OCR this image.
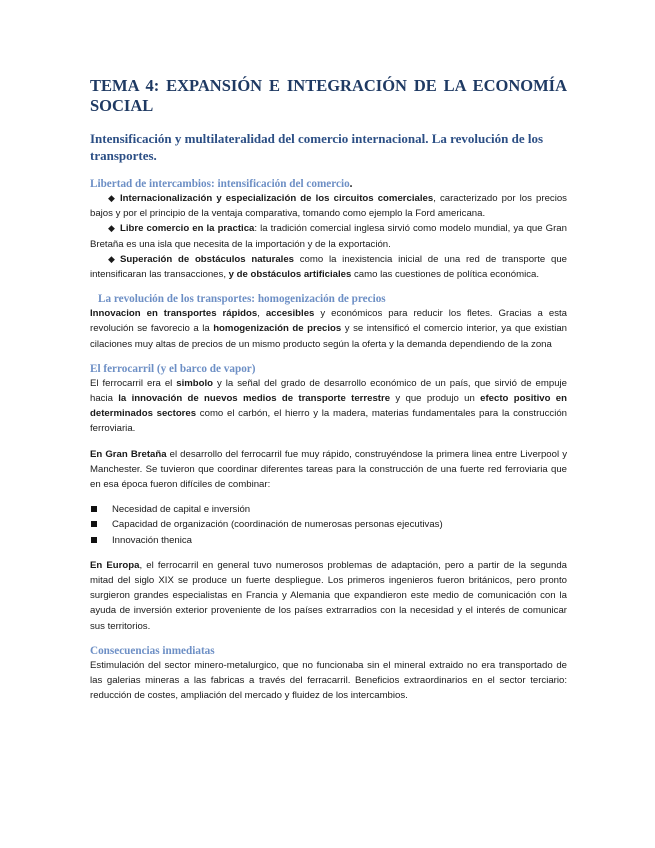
TEMA 4: EXPANSIÓN E INTEGRACIÓN DE LA ECONOMÍA
SOCIAL
Intensificación y multilateralidad del comercio internacional. La revolución de los transportes.
Libertad de intercambios: intensificación del comercio.

◆ Internacionalización y especialización de los circuitos comerciales, caracterizado por los precios bajos y por el principio de la ventaja comparativa, tomando como ejemplo la Ford americana.

◆ Libre comercio en la practica: la tradición comercial inglesa sirvió como modelo mundial, ya que Gran Bretaña es una isla que necesita de la importación y de la exportación.

◆ Superación de obstáculos naturales como la inexistencia inicial de una red de transporte que intensificaran las transacciones, y de obstáculos artificiales camo las cuestiones de política económica.

La revolución de los transportes: homogenización de precios

Innovacion en transportes rápidos, accesibles y económicos para reducir los fletes. Gracias a esta revolución se favorecio a la homogenización de precios y se intensificó el comercio interior, ya que existian cilaciones muy altas de precios de un mismo producto según la oferta y la demanda dependiendo de la zona

El ferrocarril (y el barco de vapor)

El ferrocarril era el simbolo y la señal del grado de desarrollo económico de un país, que sirvió de empuje hacia la innovación de nuevos medios de transporte terrestre y que produjo un efecto positivo en determinados sectores como el carbón, el hierro y la madera, materias fundamentales para la construcción ferroviaria.

En Gran Bretaña el desarrollo del ferrocarril fue muy rápido, construyéndose la primera linea entre Liverpool y Manchester. Se tuvieron que coordinar diferentes tareas para la construcción de una fuerte red ferroviaria que en esa época fueron difíciles de combinar:

Necesidad de capital e inversión
Capacidad de organización (coordinación de numerosas personas ejecutivas)
Innovación thenica

En Europa, el ferrocarril en general tuvo numerosos problemas de adaptación, pero a partir de la segunda mitad del siglo XIX se produce un fuerte despliegue. Los primeros ingenieros fueron británicos, pero pronto surgieron grandes especialistas en Francia y Alemania que expandieron este medio de comunicación con la ayuda de inversión exterior proveniente de los países extrarradios con la necesidad y el interés de comunicar sus territorios.

Consecuencias inmediatas

Estimulación del sector minero-metalurgico, que no funcionaba sin el mineral extraido no era transportado de las galerias mineras a las fabricas a través del ferracarril. Beneficios extraordinarios en el sector terciario: reducción de costes, ampliación del mercado y fluidez de los intercambios.
